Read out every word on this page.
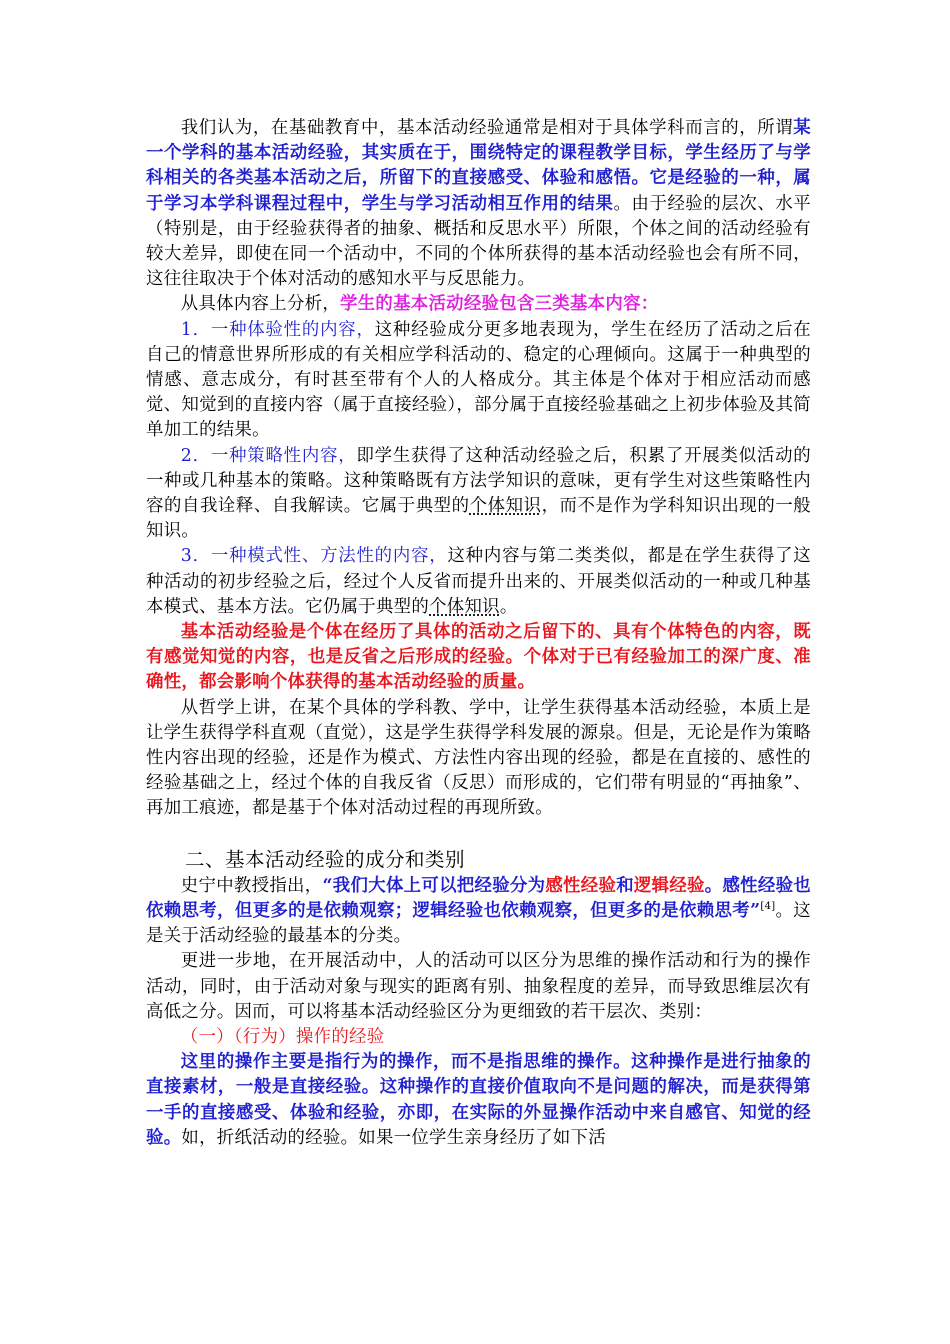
我们认为，在基础教育中，基本活动经验通常是相对于具体学科而言的，所谓某一个学科的基本活动经验，其实质在于，围绕特定的课程教学目标，学生经历了与学科相关的各类基本活动之后，所留下的直接感受、体验和感悟。它是经验的一种，属于学习本学科课程过程中，学生与学习活动相互作用的结果。由于经验的层次、水平（特别是，由于经验获得者的抽象、概括和反思水平）所限，个体之间的活动经验有较大差异，即使在同一个活动中，不同的个体所获得的基本活动经验也会有所不同，这往往取决于个体对活动的感知水平与反思能力。

从具体内容上分析，学生的基本活动经验包含三类基本内容：

1．一种体验性的内容，这种经验成分更多地表现为，学生在经历了活动之后在自己的情意世界所形成的有关相应学科活动的、稳定的心理倾向。这属于一种典型的情感、意志成分，有时甚至带有个人的人格成分。其主体是个体对于相应活动而感觉、知觉到的直接内容（属于直接经验），部分属于直接经验基础之上初步体验及其简单加工的结果。

2．一种策略性内容，即学生获得了这种活动经验之后，积累了开展类似活动的一种或几种基本的策略。这种策略既有方法学知识的意味，更有学生对这些策略性内容的自我诠释、自我解读。它属于典型的个体知识，而不是作为学科知识出现的一般知识。

3．一种模式性、方法性的内容，这种内容与第二类类似，都是在学生获得了这种活动的初步经验之后，经过个人反省而提升出来的、开展类似活动的一种或几种基本模式、基本方法。它仍属于典型的个体知识。

基本活动经验是个体在经历了具体的活动之后留下的、具有个体特色的内容，既有感觉知觉的内容，也是反省之后形成的经验。个体对于已有经验加工的深广度、准确性，都会影响个体获得的基本活动经验的质量。

从哲学上讲，在某个具体的学科教、学中，让学生获得基本活动经验，本质上是让学生获得学科直观（直觉），这是学生获得学科发展的源泉。但是，无论是作为策略性内容出现的经验，还是作为模式、方法性内容出现的经验，都是在直接的、感性的经验基础之上，经过个体的自我反省（反思）而形成的，它们带有明显的“再抽象”、再加工痕迹，都是基于个体对活动过程的再现所致。

二、基本活动经验的成分和类别

史宁中教授指出，“我们大体上可以把经验分为感性经验和逻辑经验。感性经验也依赖思考，但更多的是依赖观察；逻辑经验也依赖观察，但更多的是依赖思考”[4]。这是关于活动经验的最基本的分类。

更进一步地，在开展活动中，人的活动可以区分为思维的操作活动和行为的操作活动，同时，由于活动对象与现实的距离有别、抽象程度的差异，而导致思维层次有高低之分。因而，可以将基本活动经验区分为更细致的若干层次、类别：

（一）（行为）操作的经验

这里的操作主要是指行为的操作，而不是指思维的操作。这种操作是进行抽象的直接素材，一般是直接经验。这种操作的直接价值取向不是问题的解决，而是获得第一手的直接感受、体验和经验，亦即，在实际的外显操作活动中来自感官、知觉的经验。如，折纸活动的经验。如果一位学生亲身经历了如下活
